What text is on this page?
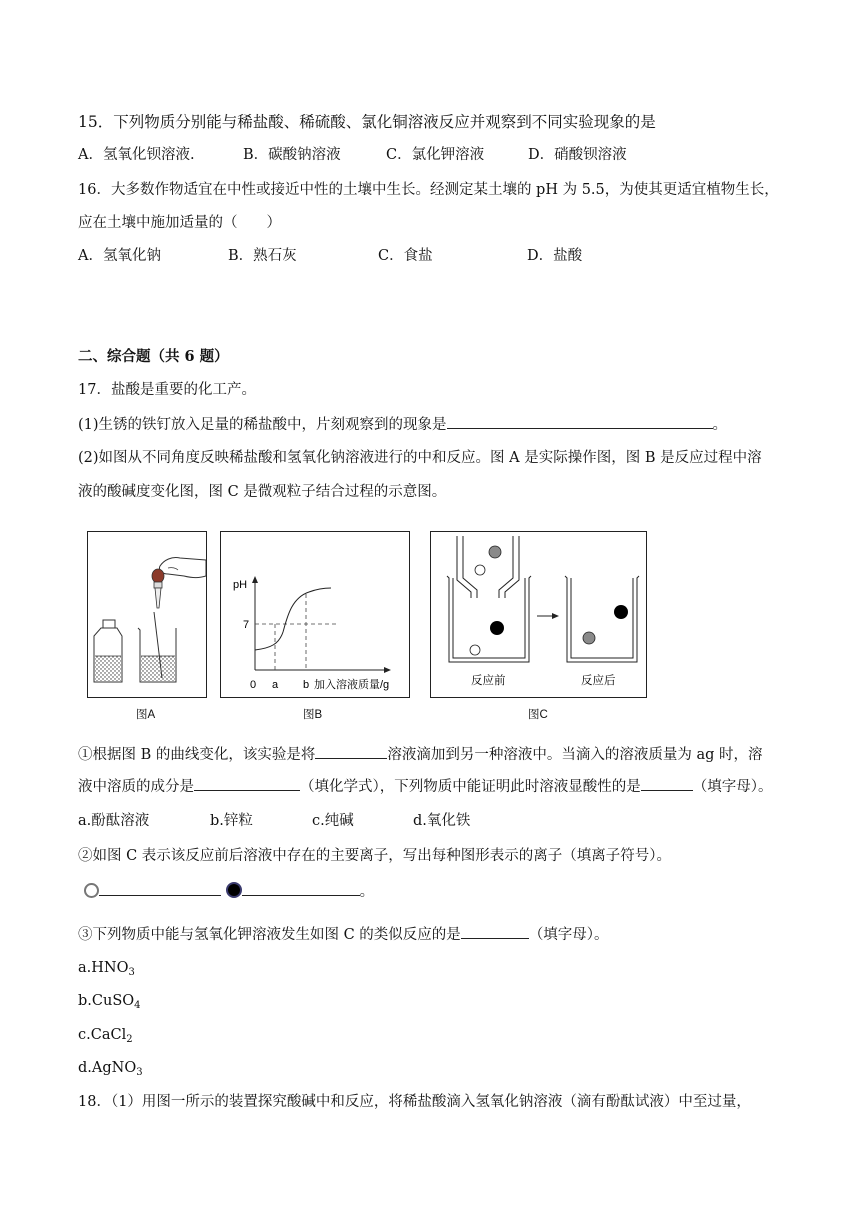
15．下列物质分别能与稀盐酸、稀硫酸、氯化铜溶液反应并观察到不同实验现象的是
A．氢氧化钡溶液.	B．碳酸钠溶液	C．氯化钾溶液	D．硝酸钡溶液
16．大多数作物适宜在中性或接近中性的土壤中生长。经测定某土壤的 pH 为 5.5，为使其更适宜植物生长，
应在土壤中施加适量的（　　）
A．氢氧化钠	B．熟石灰	C．食盐	D．盐酸
二、综合题（共 6 题）
17．盐酸是重要的化工产。
(1)生锈的铁钉放入足量的稀盐酸中，片刻观察到的现象是	。
(2)如图从不同角度反映稀盐酸和氢氧化钠溶液进行的中和反应。图 A 是实际操作图，图 B 是反应过程中溶
液的酸碱度变化图，图 C 是微观粒子结合过程的示意图。
图A
pH
7
0 a b 加入溶液质量/g
图B
反应前	反应后
图C
①根据图 B 的曲线变化，该实验是将	溶液滴加到另一种溶液中。当滴入的溶液质量为 ag 时，溶
液中溶质的成分是	（填化学式），下列物质中能证明此时溶液显酸性的是	（填字母）。
a.酚酞溶液	b.锌粒	c.纯碱	d.氧化铁
②如图 C 表示该反应前后溶液中存在的主要离子，写出每种图形表示的离子（填离子符号）。
。
③下列物质中能与氢氧化钾溶液发生如图 C 的类似反应的是	（填字母）。
$a.HNO_3$
b.CuSO$_4$
c.CaCl$_2$
d.AgNO$_3$
18．（1）用图一所示的装置探究酸碱中和反应，将稀盐酸滴入氢氧化钠溶液（滴有酚酞试液）中至过量，
